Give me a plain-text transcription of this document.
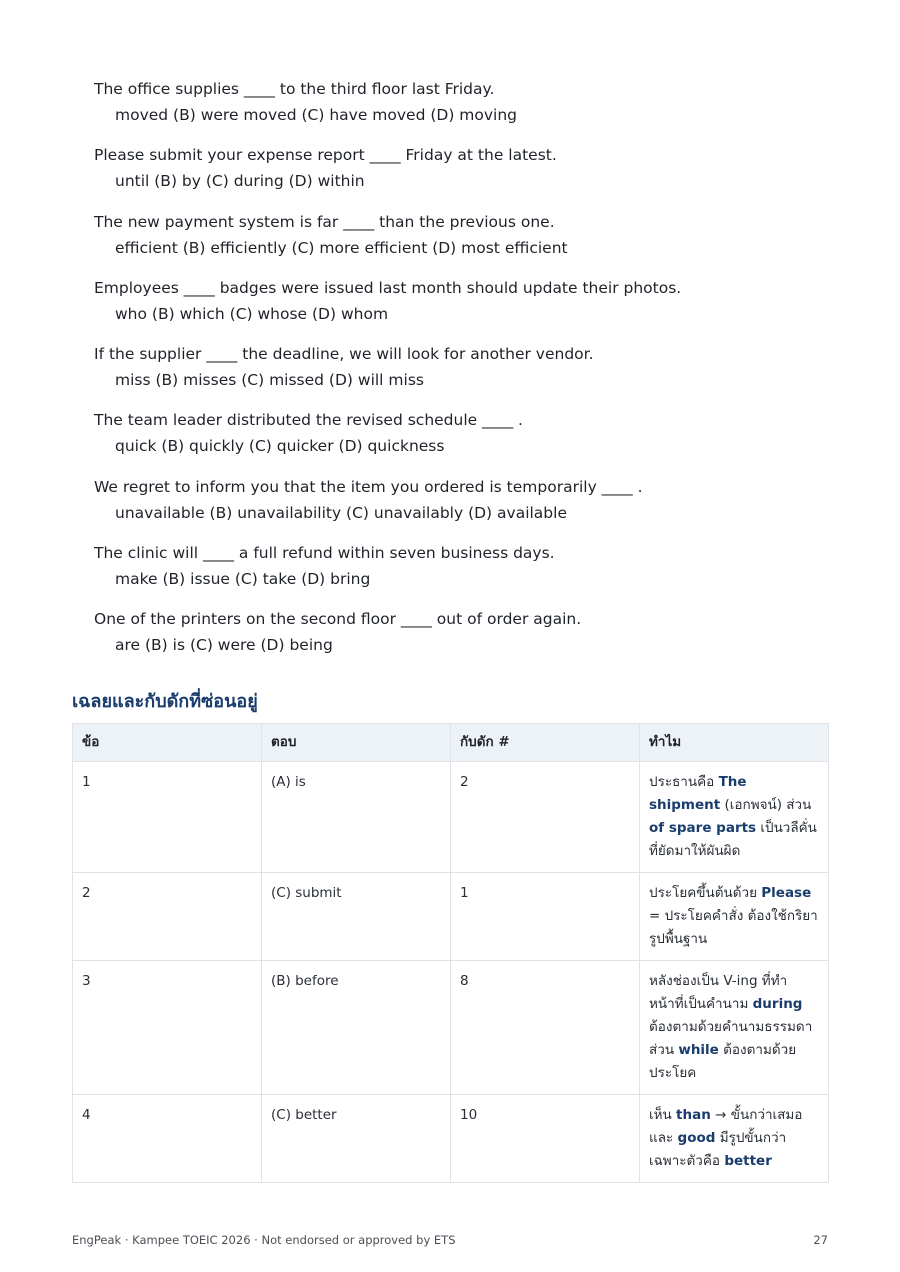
The office supplies ____ to the third floor last Friday.
moved (B) were moved (C) have moved (D) moving
Please submit your expense report ____ Friday at the latest.
until (B) by (C) during (D) within
The new payment system is far ____ than the previous one.
efficient (B) efficiently (C) more efficient (D) most efficient
Employees ____ badges were issued last month should update their photos.
who (B) which (C) whose (D) whom
If the supplier ____ the deadline, we will look for another vendor.
miss (B) misses (C) missed (D) will miss
The team leader distributed the revised schedule ____ .
quick (B) quickly (C) quicker (D) quickness
We regret to inform you that the item you ordered is temporarily ____ .
unavailable (B) unavailability (C) unavailably (D) available
The clinic will ____ a full refund within seven business days.
make (B) issue (C) take (D) bring
One of the printers on the second floor ____ out of order again.
are (B) is (C) were (D) being
เฉลยและกับดักที่ซ่อนอยู่
ข้อ	ตอบ	กับดัก #	ทำไม
1	(A) is	2	ประธานคือ The shipment (เอกพจน์) ส่วน of spare parts เป็นวลีคั่นที่ยัดมาให้ผันผิด
2	(C) submit	1	ประโยคขึ้นต้นด้วย Please = ประโยคคำสั่ง ต้องใช้กริยารูปพื้นฐาน
3	(B) before	8	หลังช่องเป็น V-ing ที่ทำหน้าที่เป็นคำนาม during ต้องตามด้วยคำนามธรรมดา ส่วน while ต้องตามด้วยประโยค
4	(C) better	10	เห็น than → ขั้นกว่าเสมอ และ good มีรูปขั้นกว่าเฉพาะตัวคือ better
EngPeak · Kampee TOEIC 2026 · Not endorsed or approved by ETS	27
